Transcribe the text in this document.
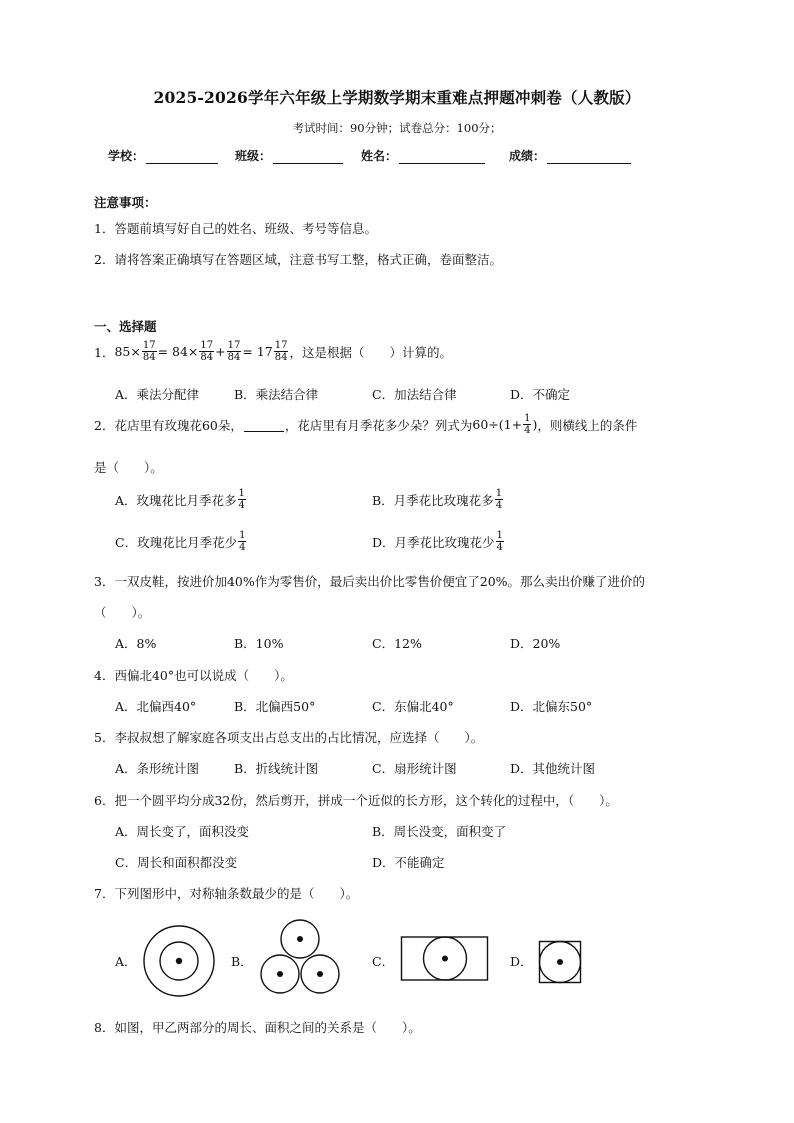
2025-2026学年六年级上学期数学期末重难点押题冲刺卷（人教版）
考试时间：90分钟；试卷总分：100分；
学校：	班级：	姓名：	成绩：
注意事项：
1．答题前填写好自己的姓名、班级、考号等信息。
2．请将答案正确填写在答题区域，注意书写工整，格式正确，卷面整洁。
一、选择题
1． $85\times \frac{17}{84} = 84\times \frac{17}{84} + \frac{17}{84} = 17 \frac{17}{84}$ ，这是根据（　　）计算的。
A．乘法分配律	B．乘法结合律	C．加法结合律	D．不确定
2．花店里有玫瑰花60朵，	，花店里有月季花多少朵？列式为 $60\div(1+ \frac{1}{4}$ ) ，则横线上的条件
是（　　）。
A．玫瑰花比月季花多 $\frac{1}{4}$	B．月季花比玫瑰花多 $\frac{1}{4}$
C．玫瑰花比月季花少 $\frac{1}{4}$	D．月季花比玫瑰花少 $\frac{1}{4}$
3．一双皮鞋，按进价加40%作为零售价，最后卖出价比零售价便宜了20%。那么卖出价赚了进价的
（　　）。
A．8%	B．10%	C．12%	D．20%
4．西偏北40°也可以说成（　　）。
A．北偏西40°	B．北偏西50°	C．东偏北40°	D．北偏东50°
5．李叔叔想了解家庭各项支出占总支出的占比情况，应选择（　　）。
A．条形统计图	B．折线统计图	C．扇形统计图	D．其他统计图
6．把一个圆平均分成32份，然后剪开，拼成一个近似的长方形，这个转化的过程中，（　　）。
A．周长变了，面积没变	B．周长没变，面积变了
C．周长和面积都没变	D．不能确定
7．下列图形中，对称轴条数最少的是（　　）。
A．	B．	C．	D．
8．如图，甲乙两部分的周长、面积之间的关系是（　　）。
